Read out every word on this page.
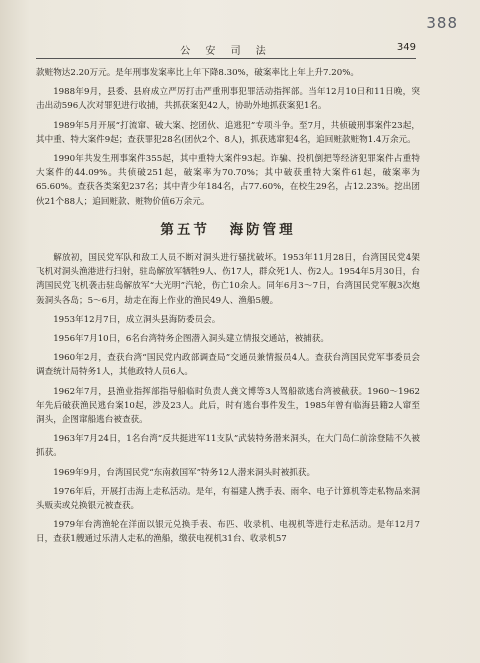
388
公 安 司 法	349

款赃物达2.20万元。是年刑事发案率比上年下降8.30%，破案率比上年上升7.20%。

1988年9月，县委、县府成立严厉打击严重刑事犯罪活动指挥部。当年12月10日和11日晚，突击出动596人次对罪犯进行收捕，共抓获案犯42人，协助外地抓获案犯1名。

1989年5月开展“打流窜、破大案、挖团伙、追逃犯”专项斗争。至7月，共侦破刑事案件23起，其中重、特大案件9起；查获罪犯28名(团伙2个、8人)，抓获逃窜犯4名，追回赃款赃物1.4万余元。

1990年共发生刑事案件355起，其中重特大案件93起。诈骗、投机倒把等经济犯罪案件占重特大案件的44.09%。共侦破251起，破案率为70.70%；其中破获重特大案件61起，破案率为65.60%。查获各类案犯237名；其中青少年184名，占77.60%，在校生29名，占12.23%。挖出团伙21个88人；追回赃款、赃物价值6万余元。

第五节 海防管理

解放初，国民党军队和敌工人员不断对洞头进行骚扰破坏。1953年11月28日，台湾国民党4架飞机对洞头渔港进行扫射，驻岛解放军牺牲9人、伤17人，群众死1人、伤2人。1954年5月30日，台湾国民党飞机袭击驻岛解放军“大光明”汽轮，伤亡10余人。同年6月3～7日，台湾国民党军舰3次炮轰洞头各岛；5～6月，劫走在海上作业的渔民49人、渔船5艘。

1953年12月7日，成立洞头县海防委员会。

1956年7月10日，6名台湾特务企图潜入洞头建立情报交通站，被捕获。

1960年2月，查获台湾“国民党内政部调查局”交通员兼情报员4人。查获台湾国民党军事委员会调查统计局特务1人，其他政特人员6人。

1962年7月，县渔业指挥部指导船临时负责人龚文博等3人驾船欲逃台湾被截获。1960～1962年先后破获渔民逃台案10起，涉及23人。此后，时有逃台事件发生，1985年曾有临海县籍2人窜至洞头，企图窜船逃台被查获。

1963年7月24日，1名台湾“反共挺进军11支队”武装特务潜来洞头，在大门岛仁前涂登陆不久被抓获。

1969年9月，台湾国民党“东南救国军”特务12人潜来洞头时被抓获。

1976年后，开展打击海上走私活动。是年，有福建人携手表、雨伞、电子计算机等走私物品来洞头贩卖或兑换银元被查获。

1979年台湾渔轮在洋面以银元兑换手表、布匹、收录机、电视机等进行走私活动。是年12月7日，查获1艘通过乐清人走私的渔船，缴获电视机31台、收录机57
